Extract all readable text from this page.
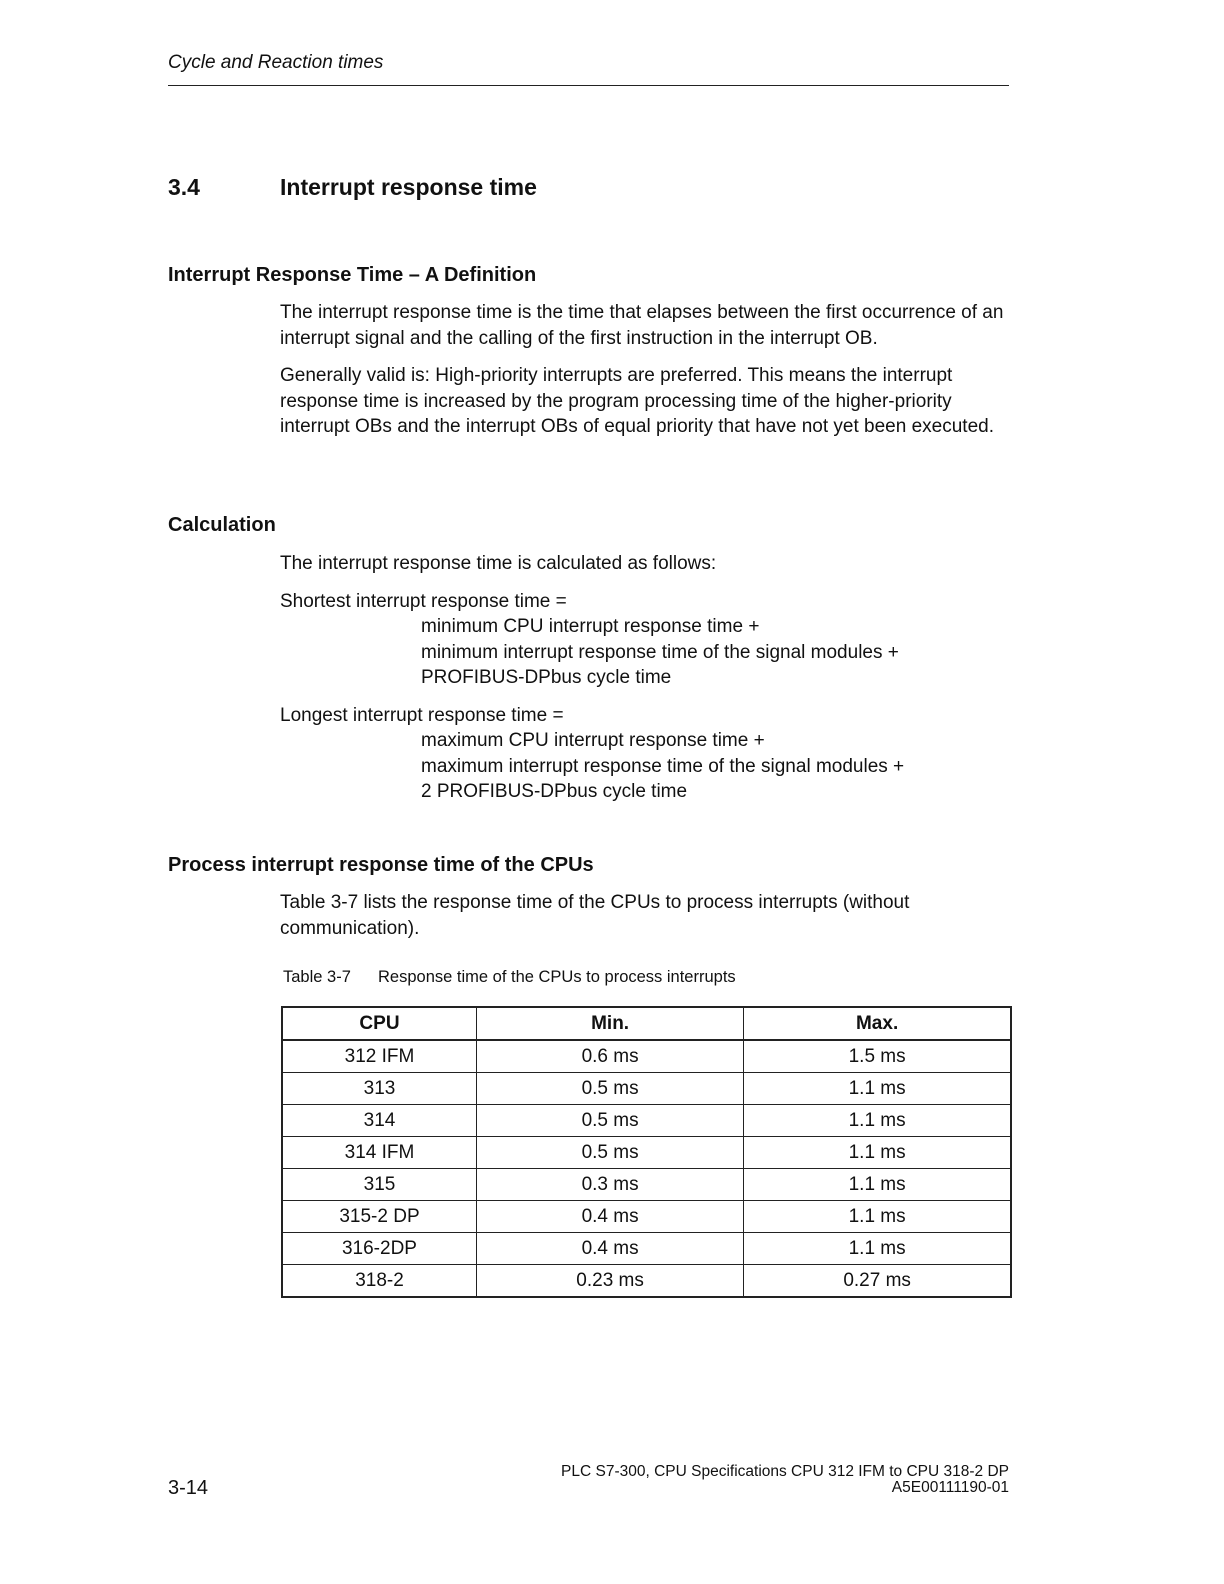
Cycle and Reaction times
3.4	Interrupt response time
Interrupt Response Time – A Definition

The interrupt response time is the time that elapses between the first occurrence of an interrupt signal and the calling of the first instruction in the interrupt OB.

Generally valid is: High-priority interrupts are preferred. This means the interrupt response time is increased by the program processing time of the higher-priority interrupt OBs and the interrupt OBs of equal priority that have not yet been executed.

Calculation

The interrupt response time is calculated as follows:

Shortest interrupt response time =

minimum CPU interrupt response time +

minimum interrupt response time of the signal modules +

PROFIBUS-DPbus cycle time

Longest interrupt response time =

maximum CPU interrupt response time +

maximum interrupt response time of the signal modules +

2 PROFIBUS-DPbus cycle time

Process interrupt response time of the CPUs

Table 3-7 lists the response time of the CPUs to process interrupts (without communication).

Table 3-7 Response time of the CPUs to process interrupts
CPU	Min.	Max.
312 IFM	0.6 ms	1.5 ms
313	0.5 ms	1.1 ms
314	0.5 ms	1.1 ms
314 IFM	0.5 ms	1.1 ms
315	0.3 ms	1.1 ms
315-2 DP	0.4 ms	1.1 ms
316-2DP	0.4 ms	1.1 ms
318-2	0.23 ms	0.27 ms
3-14
PLC S7-300, CPU Specifications CPU 312 IFM to CPU 318-2 DP
A5E00111190-01
